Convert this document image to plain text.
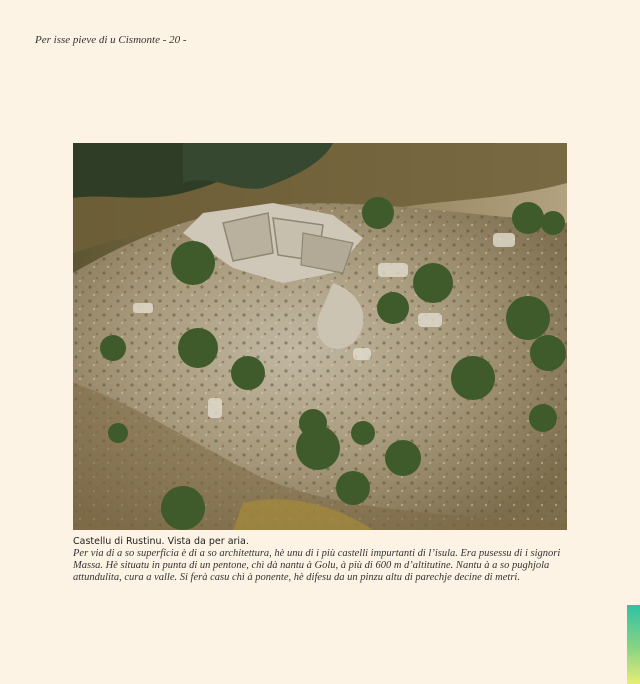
Per isse pieve di u Cismonte - 20 -
Castellu di Rustinu. Vista da per aria.

Per via di a so superficia è di a so architettura, hè unu di i più castelli impurtanti di l’isula. Era pusessu di i signori Massa. Hè situatu in punta di un pentone, chì dà nantu à Golu, à più di 600 m d’altitutine. Nantu à a so pughjola attundulita, cura a valle. Si ferà casu chì à ponente, hè difesu da un pinzu altu di parechje decine di metri.
